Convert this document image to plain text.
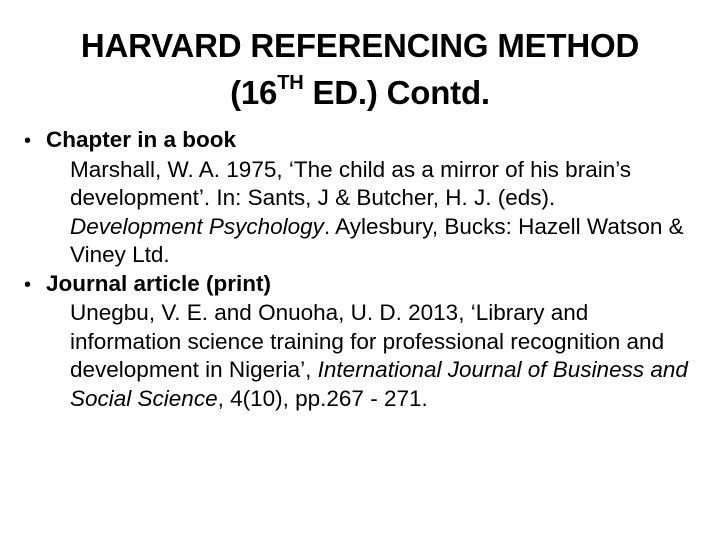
HARVARD REFERENCING METHOD
(16TH ED.) Contd.
• Chapter in a book
Marshall, W. A. 1975, ‘The child as a mirror of his brain’s development’. In: Sants, J & Butcher, H. J. (eds). Development Psychology. Aylesbury, Bucks: Hazell Watson & Viney Ltd.
• Journal article (print)
Unegbu, V. E. and Onuoha, U. D. 2013, ‘Library and information science training for professional recognition and development in Nigeria’, International Journal of Business and Social Science, 4(10), pp.267 - 271.
